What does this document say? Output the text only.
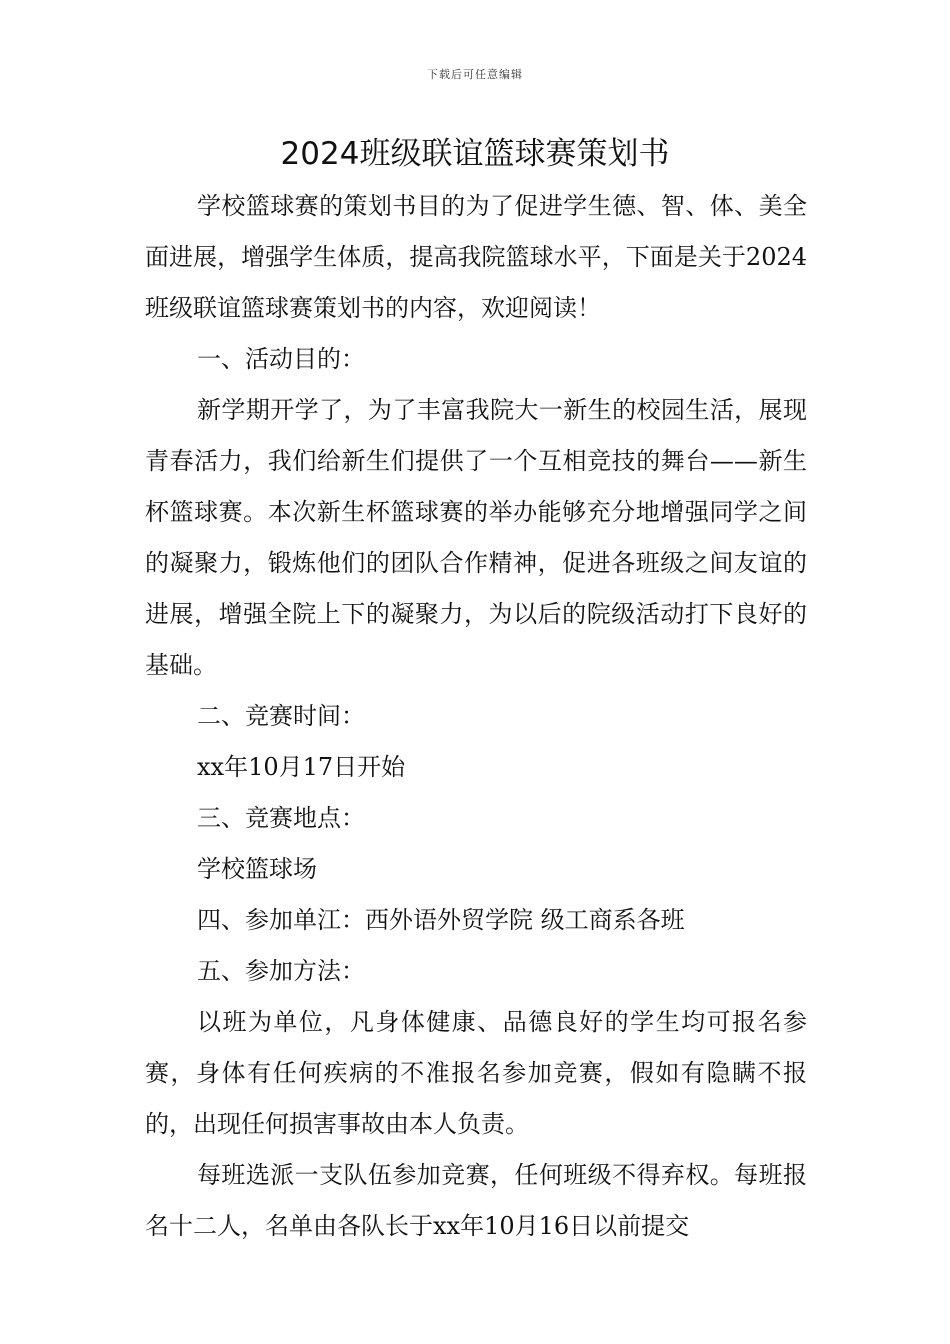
下载后可任意编辑
2024班级联谊篮球赛策划书

学校篮球赛的策划书目的为了促进学生德、智、体、美全面进展，增强学生体质，提高我院篮球水平，下面是关于2024班级联谊篮球赛策划书的内容，欢迎阅读！

一、活动目的：

新学期开学了，为了丰富我院大一新生的校园生活，展现青春活力，我们给新生们提供了一个互相竞技的舞台——新生杯篮球赛。本次新生杯篮球赛的举办能够充分地增强同学之间的凝聚力，锻炼他们的团队合作精神，促进各班级之间友谊的进展，增强全院上下的凝聚力，为以后的院级活动打下良好的基础。

二、竞赛时间：

xx年10月17日开始

三、竞赛地点：

学校篮球场

四、参加单江：西外语外贸学院 级工商系各班

五、参加方法：

以班为单位，凡身体健康、品德良好的学生均可报名参赛，身体有任何疾病的不准报名参加竞赛，假如有隐瞒不报的，出现任何损害事故由本人负责。

每班选派一支队伍参加竞赛，任何班级不得弃权。每班报名十二人，名单由各队长于xx年10月16日以前提交
